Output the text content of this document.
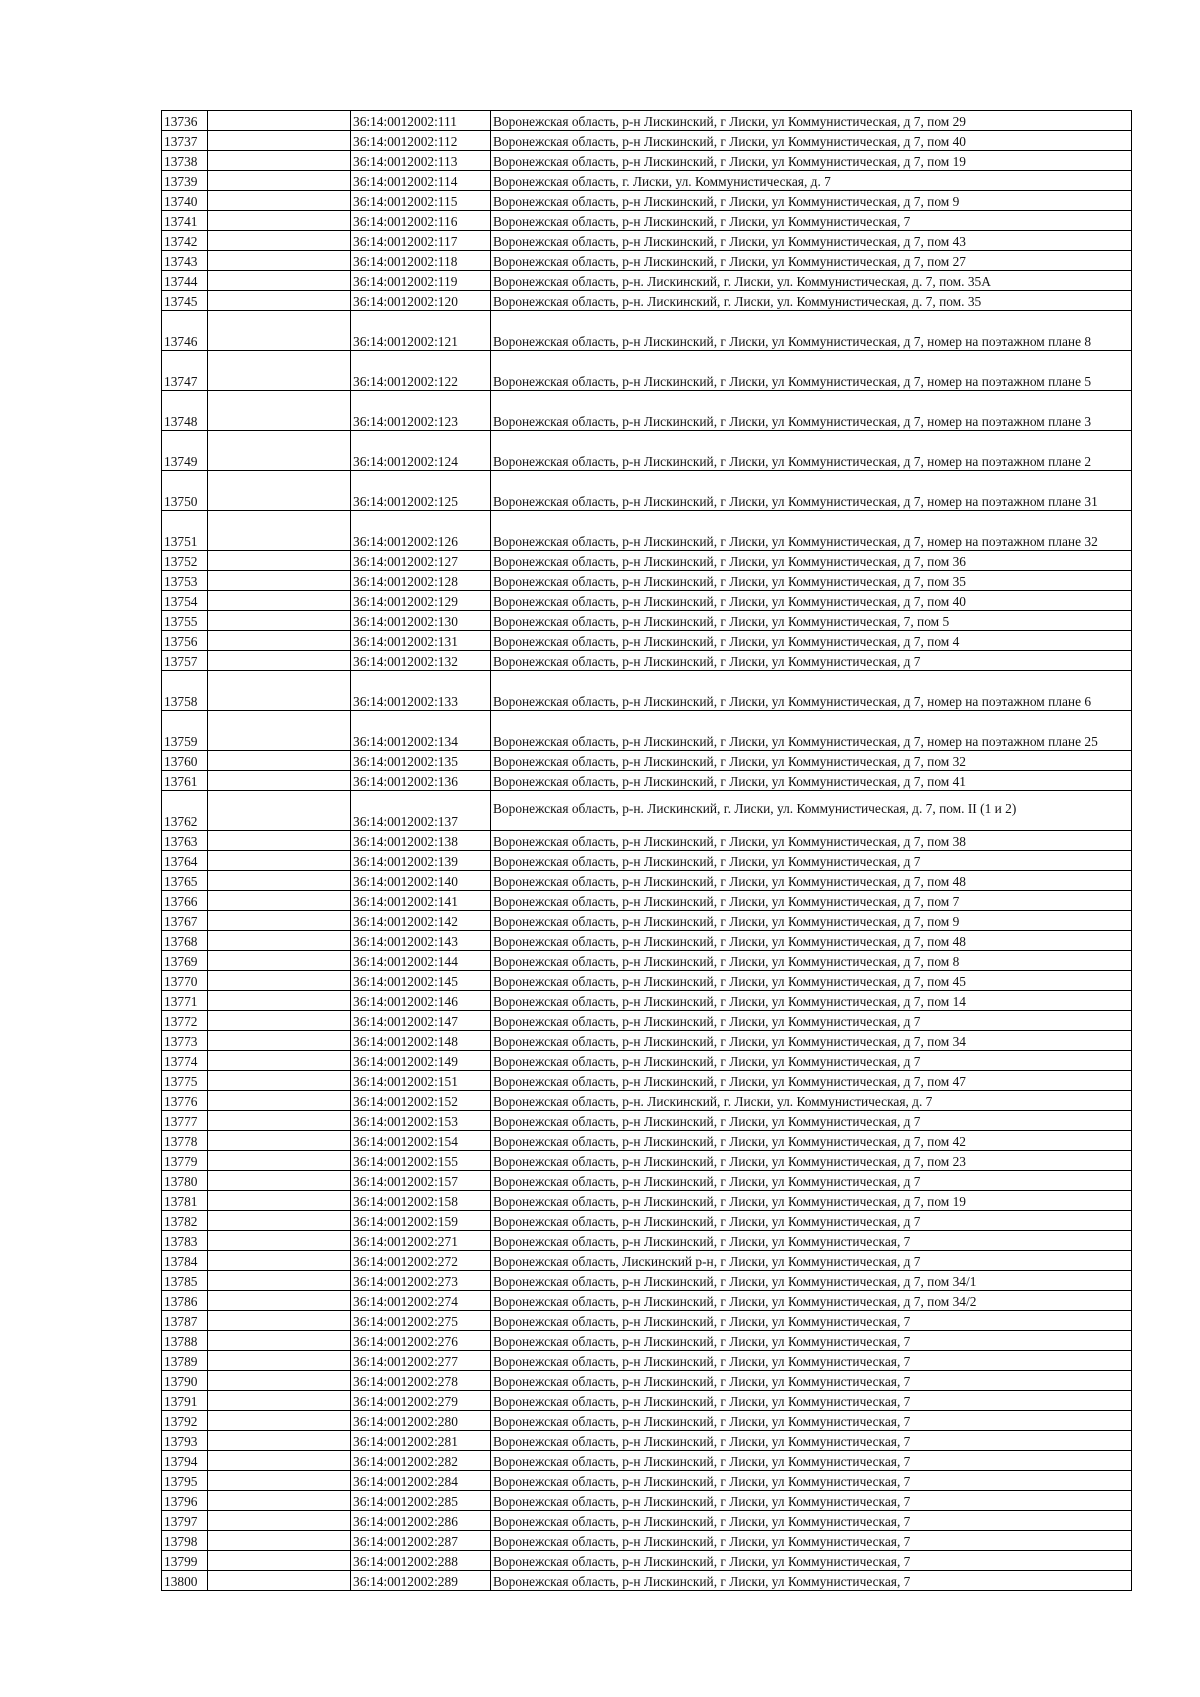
13736		36:14:0012002:111	Воронежская область, р-н Лискинский, г Лиски, ул Коммунистическая, д 7, пом 29
13737		36:14:0012002:112	Воронежская область, р-н Лискинский, г Лиски, ул Коммунистическая, д 7, пом 40
13738		36:14:0012002:113	Воронежская область, р-н Лискинский, г Лиски, ул Коммунистическая, д 7, пом 19
13739		36:14:0012002:114	Воронежская область, г. Лиски, ул. Коммунистическая, д. 7
13740		36:14:0012002:115	Воронежская область, р-н Лискинский, г Лиски, ул Коммунистическая, д 7, пом 9
13741		36:14:0012002:116	Воронежская область, р-н Лискинский, г Лиски, ул Коммунистическая, 7
13742		36:14:0012002:117	Воронежская область, р-н Лискинский, г Лиски, ул Коммунистическая, д 7, пом 43
13743		36:14:0012002:118	Воронежская область, р-н Лискинский, г Лиски, ул Коммунистическая, д 7, пом 27
13744		36:14:0012002:119	Воронежская область, р-н. Лискинский, г. Лиски, ул. Коммунистическая, д. 7, пом. 35А
13745		36:14:0012002:120	Воронежская область, р-н. Лискинский, г. Лиски, ул. Коммунистическая, д. 7, пом. 35
13746		36:14:0012002:121	Воронежская область, р-н Лискинский, г Лиски, ул Коммунистическая, д 7, номер на поэтажном плане 8
13747		36:14:0012002:122	Воронежская область, р-н Лискинский, г Лиски, ул Коммунистическая, д 7, номер на поэтажном плане 5
13748		36:14:0012002:123	Воронежская область, р-н Лискинский, г Лиски, ул Коммунистическая, д 7, номер на поэтажном плане 3
13749		36:14:0012002:124	Воронежская область, р-н Лискинский, г Лиски, ул Коммунистическая, д 7, номер на поэтажном плане 2
13750		36:14:0012002:125	Воронежская область, р-н Лискинский, г Лиски, ул Коммунистическая, д 7, номер на поэтажном плане 31
13751		36:14:0012002:126	Воронежская область, р-н Лискинский, г Лиски, ул Коммунистическая, д 7, номер на поэтажном плане 32
13752		36:14:0012002:127	Воронежская область, р-н Лискинский, г Лиски, ул Коммунистическая, д 7, пом 36
13753		36:14:0012002:128	Воронежская область, р-н Лискинский, г Лиски, ул Коммунистическая, д 7, пом 35
13754		36:14:0012002:129	Воронежская область, р-н Лискинский, г Лиски, ул Коммунистическая, д 7, пом 40
13755		36:14:0012002:130	Воронежская область, р-н Лискинский, г Лиски, ул Коммунистическая, 7, пом 5
13756		36:14:0012002:131	Воронежская область, р-н Лискинский, г Лиски, ул Коммунистическая, д 7, пом 4
13757		36:14:0012002:132	Воронежская область, р-н Лискинский, г Лиски, ул Коммунистическая, д 7
13758		36:14:0012002:133	Воронежская область, р-н Лискинский, г Лиски, ул Коммунистическая, д 7, номер на поэтажном плане 6
13759		36:14:0012002:134	Воронежская область, р-н Лискинский, г Лиски, ул Коммунистическая, д 7, номер на поэтажном плане 25
13760		36:14:0012002:135	Воронежская область, р-н Лискинский, г Лиски, ул Коммунистическая, д 7, пом 32
13761		36:14:0012002:136	Воронежская область, р-н Лискинский, г Лиски, ул Коммунистическая, д 7, пом 41
13762		36:14:0012002:137	Воронежская область, р-н. Лискинский, г. Лиски, ул. Коммунистическая, д. 7, пом. II (1 и 2)
13763		36:14:0012002:138	Воронежская область, р-н Лискинский, г Лиски, ул Коммунистическая, д 7, пом 38
13764		36:14:0012002:139	Воронежская область, р-н Лискинский, г Лиски, ул Коммунистическая, д 7
13765		36:14:0012002:140	Воронежская область, р-н Лискинский, г Лиски, ул Коммунистическая, д 7, пом 48
13766		36:14:0012002:141	Воронежская область, р-н Лискинский, г Лиски, ул Коммунистическая, д 7, пом 7
13767		36:14:0012002:142	Воронежская область, р-н Лискинский, г Лиски, ул Коммунистическая, д 7, пом 9
13768		36:14:0012002:143	Воронежская область, р-н Лискинский, г Лиски, ул Коммунистическая, д 7, пом 48
13769		36:14:0012002:144	Воронежская область, р-н Лискинский, г Лиски, ул Коммунистическая, д 7, пом 8
13770		36:14:0012002:145	Воронежская область, р-н Лискинский, г Лиски, ул Коммунистическая, д 7, пом 45
13771		36:14:0012002:146	Воронежская область, р-н Лискинский, г Лиски, ул Коммунистическая, д 7, пом 14
13772		36:14:0012002:147	Воронежская область, р-н Лискинский, г Лиски, ул Коммунистическая, д 7
13773		36:14:0012002:148	Воронежская область, р-н Лискинский, г Лиски, ул Коммунистическая, д 7, пом 34
13774		36:14:0012002:149	Воронежская область, р-н Лискинский, г Лиски, ул Коммунистическая, д 7
13775		36:14:0012002:151	Воронежская область, р-н Лискинский, г Лиски, ул Коммунистическая, д 7, пом 47
13776		36:14:0012002:152	Воронежская область, р-н. Лискинский, г. Лиски, ул. Коммунистическая, д. 7
13777		36:14:0012002:153	Воронежская область, р-н Лискинский, г Лиски, ул Коммунистическая, д 7
13778		36:14:0012002:154	Воронежская область, р-н Лискинский, г Лиски, ул Коммунистическая, д 7, пом 42
13779		36:14:0012002:155	Воронежская область, р-н Лискинский, г Лиски, ул Коммунистическая, д 7, пом 23
13780		36:14:0012002:157	Воронежская область, р-н Лискинский, г Лиски, ул Коммунистическая, д 7
13781		36:14:0012002:158	Воронежская область, р-н Лискинский, г Лиски, ул Коммунистическая, д 7, пом 19
13782		36:14:0012002:159	Воронежская область, р-н Лискинский, г Лиски, ул Коммунистическая, д 7
13783		36:14:0012002:271	Воронежская область, р-н Лискинский, г Лиски, ул Коммунистическая, 7
13784		36:14:0012002:272	Воронежская область, Лискинский р-н, г Лиски, ул Коммунистическая, д 7
13785		36:14:0012002:273	Воронежская область, р-н Лискинский, г Лиски, ул Коммунистическая, д 7, пом 34/1
13786		36:14:0012002:274	Воронежская область, р-н Лискинский, г Лиски, ул Коммунистическая, д 7, пом 34/2
13787		36:14:0012002:275	Воронежская область, р-н Лискинский, г Лиски, ул Коммунистическая, 7
13788		36:14:0012002:276	Воронежская область, р-н Лискинский, г Лиски, ул Коммунистическая, 7
13789		36:14:0012002:277	Воронежская область, р-н Лискинский, г Лиски, ул Коммунистическая, 7
13790		36:14:0012002:278	Воронежская область, р-н Лискинский, г Лиски, ул Коммунистическая, 7
13791		36:14:0012002:279	Воронежская область, р-н Лискинский, г Лиски, ул Коммунистическая, 7
13792		36:14:0012002:280	Воронежская область, р-н Лискинский, г Лиски, ул Коммунистическая, 7
13793		36:14:0012002:281	Воронежская область, р-н Лискинский, г Лиски, ул Коммунистическая, 7
13794		36:14:0012002:282	Воронежская область, р-н Лискинский, г Лиски, ул Коммунистическая, 7
13795		36:14:0012002:284	Воронежская область, р-н Лискинский, г Лиски, ул Коммунистическая, 7
13796		36:14:0012002:285	Воронежская область, р-н Лискинский, г Лиски, ул Коммунистическая, 7
13797		36:14:0012002:286	Воронежская область, р-н Лискинский, г Лиски, ул Коммунистическая, 7
13798		36:14:0012002:287	Воронежская область, р-н Лискинский, г Лиски, ул Коммунистическая, 7
13799		36:14:0012002:288	Воронежская область, р-н Лискинский, г Лиски, ул Коммунистическая, 7
13800		36:14:0012002:289	Воронежская область, р-н Лискинский, г Лиски, ул Коммунистическая, 7
